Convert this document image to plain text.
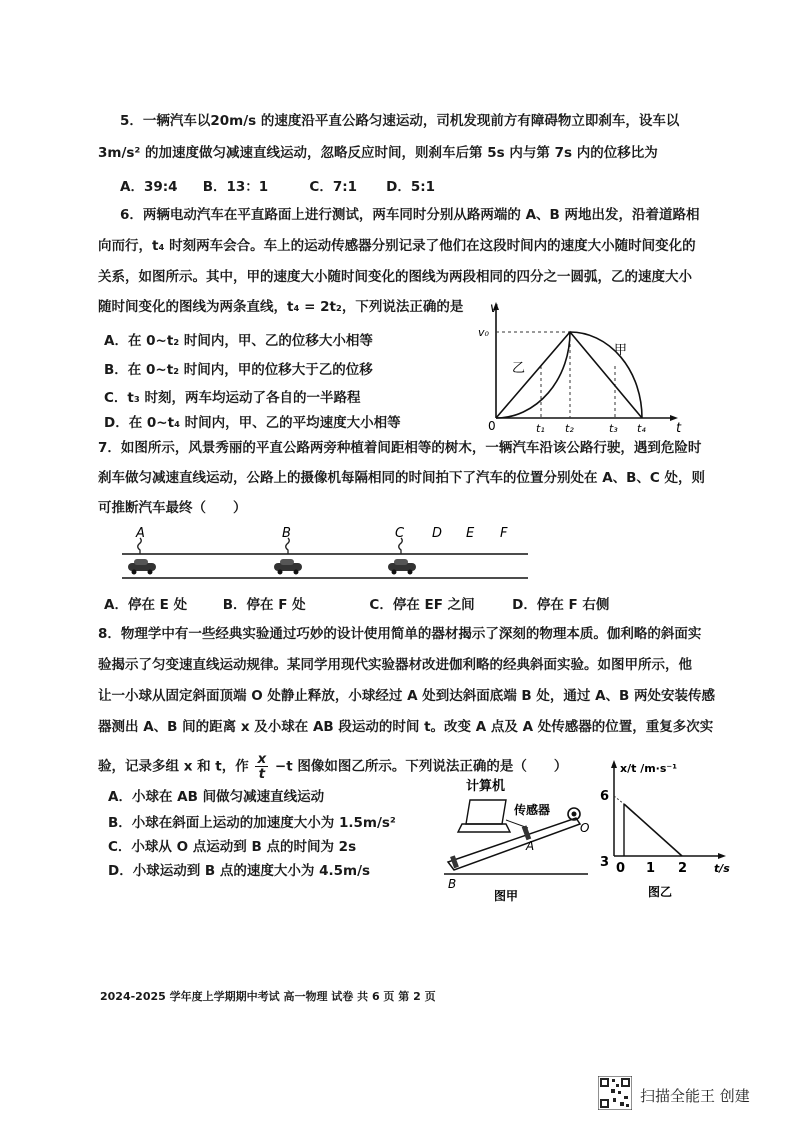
5．一辆汽车以20m/s 的速度沿平直公路匀速运动，司机发现前方有障碍物立即刹车，设车以
3m/s² 的加速度做匀减速直线运动，忽略反应时间，则刹车后第 5s 内与第 7s 内的位移比为
A．39:4 B．13：1	C．7:1 D．5:1
6．两辆电动汽车在平直路面上进行测试，两车同时分别从路两端的 A、B 两地出发，沿着道路相
向而行，t₄ 时刻两车会合。车上的运动传感器分别记录了他们在这段时间内的速度大小随时间变化的
关系，如图所示。其中，甲的速度大小随时间变化的图线为两段相同的四分之一圆弧，乙的速度大小
随时间变化的图线为两条直线，t₄ = 2t₂，下列说法正确的是
A．在 0~t₂ 时间内，甲、乙的位移大小相等
B．在 0~t₂ 时间内，甲的位移大于乙的位移
C．t₃ 时刻，两车均运动了各自的一半路程
D．在 0~t₄ 时间内，甲、乙的平均速度大小相等
v
t
v₀
0
甲
乙
t₁ t₂	t₃ t₄
7．如图所示，风景秀丽的平直公路两旁种植着间距相等的树木，一辆汽车沿该公路行驶，遇到危险时
刹车做匀减速直线运动，公路上的摄像机每隔相同的时间拍下了汽车的位置分别处在 A、B、C 处，则
可推断汽车最终（　　）
A	B	C D E F
A．停在 E 处	B．停在 F 处	C．停在 EF 之间	D．停在 F 右侧
8．物理学中有一些经典实验通过巧妙的设计使用简单的器材揭示了深刻的物理本质。伽利略的斜面实
验揭示了匀变速直线运动规律。某同学用现代实验器材改进伽利略的经典斜面实验。如图甲所示，他
让一小球从固定斜面顶端 O 处静止释放，小球经过 A 处到达斜面底端 B 处，通过 A、B 两处安装传感
器测出 A、B 间的距离 x 及小球在 AB 段运动的时间 t。改变 A 点及 A 处传感器的位置，重复多次实
验，记录多组 x 和 t，作 $\frac{x}{t} -t$ 图像如图乙所示。下列说法正确的是（　　）
A．小球在 AB 间做匀减速直线运动
B．小球在斜面上运动的加速度大小为 1.5m/s²
C．小球从 O 点运动到 B 点的时间为 2s
D．小球运动到 B 点的速度大小为 4.5m/s
计算机
传感器
O
A
B
图甲
x/t /m·s⁻¹
t/s
6
3 0 1 2
图乙
2024-2025 学年度上学期期中考试 高一物理 试卷 共 6 页 第 2 页
扫描全能王 创建
